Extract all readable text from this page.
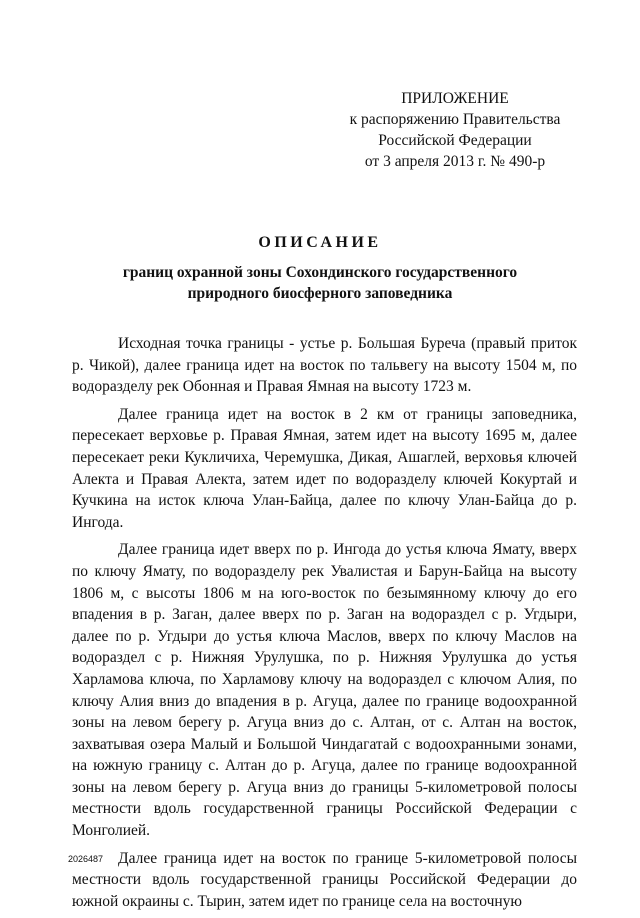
ПРИЛОЖЕНИЕ
к распоряжению Правительства
Российской Федерации
от 3 апреля 2013 г. № 490-р
ОПИСАНИЕ
границ охранной зоны Сохондинского государственного
природного биосферного заповедника

Исходная точка границы - устье р. Большая Буреча (правый приток р. Чикой), далее граница идет на восток по тальвегу на высоту 1504 м, по водоразделу рек Обонная и Правая Ямная на высоту 1723 м.

Далее граница идет на восток в 2 км от границы заповедника, пересекает верховье р. Правая Ямная, затем идет на высоту 1695 м, далее пересекает реки Кукличиха, Черемушка, Дикая, Ашаглей, верховья ключей Алекта и Правая Алекта, затем идет по водоразделу ключей Кокуртай и Кучкина на исток ключа Улан-Байца, далее по ключу Улан-Байца до р. Ингода.

Далее граница идет вверх по р. Ингода до устья ключа Ямату, вверх по ключу Ямату, по водоразделу рек Увалистая и Барун-Байца на высоту 1806 м, с высоты 1806 м на юго-восток по безымянному ключу до его впадения в р. Заган, далее вверх по р. Заган на водораздел с р. Угдыри, далее по р. Угдыри до устья ключа Маслов, вверх по ключу Маслов на водораздел с р. Нижняя Урулушка, по р. Нижняя Урулушка до устья Харламова ключа, по Харламову ключу на водораздел с ключом Алия, по ключу Алия вниз до впадения в р. Агуца, далее по границе водоохранной зоны на левом берегу р. Агуца вниз до с. Алтан, от с. Алтан на восток, захватывая озера Малый и Большой Чиндагатай с водоохранными зонами, на южную границу с. Алтан до р. Агуца, далее по границе водоохранной зоны на левом берегу р. Агуца вниз до границы 5-километровой полосы местности вдоль государственной границы Российской Федерации с Монголией.

Далее граница идет на восток по границе 5-километровой полосы местности вдоль государственной границы Российской Федерации до южной окраины с. Тырин, затем идет по границе села на восточную

2026487
